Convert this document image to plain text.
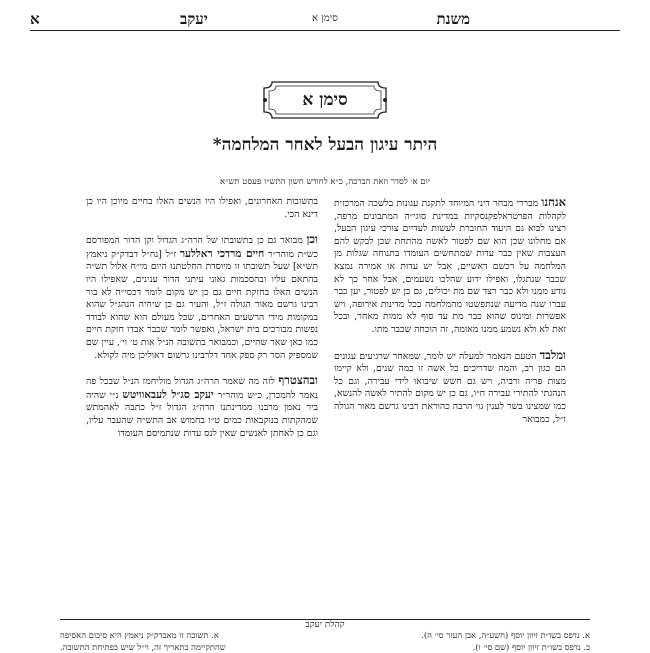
משנת
סימן א
יעקב
א
סימן א
היתר עיגון הבעל לאחר המלחמה*
יום א׳ לסדר וזאת הברכה, כ״א לחודש חשון התש״ו פעסט תש״א

אנחנו מבררי מבחר דיני המיוחד לתקנת עגונות בלשכה המרכזית לקהלות הפרטראלפקנסקיות במדינת סוגי״ה המתבונים מרפה, רצינו לבוא גם היעוד החוברת לעשות לעדיים צורכי עיגון הבעל, אם מחלונו שכן הוא שם לפטור לאשה מהתחת שכן לבקש להם העצבות שאין כבר עדות שמתחשים העומדו בתנוחה שגלות מן המלחמה על רכשם דאשיים, אבל יש עדות או אמירה נמצא שכבר שנתגלו, ואפילו ידוע שהלכו נשעמים, אבל אחר כך לא נודע ממנו ולא כבר רצד שם מת יכולים, גם כן יש לפטור, יען כבר עברו שנה מדיעה שנתפשטו מהמלחמה בכל מדינות אירופה, ויש אפשרות ומינוס שהוא כבר מת עד סוף לא ממות מאחר, ובכל זאת לא ולא נשמע ממנו מאומה, זה הוכחה שכבר מתו.

ומלבד הטעם הנאמר למעלה יש לומר, שמאחר שרגיעים עגונים הם כגון רב, והמה שדריכים כל אשה זו כמה שנים, ולא קיימו מצות פריה ורביה, ויש גם חשש שיבואו לידי עבירה, וגם כל הנהגתי להתירי עבירה ח״ו, גם כן יש מקום להתיר לאשה להנשא, כמו שמצינו בשר לענין גוי הרבה כהוראת רבינו גרשם מאור הגולה ז״ל, כמבואר

בתשובות האחרונים, ואפילו היו הנשים האלו בחיים מיוכן היו כן דינא הכי.

וכן מבואר גם כן בתשובתו של הרה״ג הגדול וקן הדור המפורסם כש״ת מוהר״ר חיים מרדכי ראללער ז״ל [נח״ל דבדק״ק ניאמץ תש״א] שעל תשובתו זו מיוסדת החלטתנו היום מי״ח אלול תש״ה בהתאם עליו ובהסכמות גאוני עיתני הדור ענינים, שאפילו היו הנשים האלו בחזקת חיים גם כן יש מקום לומר דכסי״ה לא בור רבינו גרשם מאור הגולה ז״ל, והעיר גם כן שיהיה הנהג״ל שהוא במקומות מידי הרשעים האחרים, שכל מעולם הוא שהוא לבודד נפשות מבורכים בית ישראל, ואפשר לומר שכבר אבדו חזקת חיים כמו כאן שאר שהיים, וכמבואר בתשובה הנ״ל אות ט׳ וי׳, עיין שם שמספיק הסר רק ספק אחד דלרבינו גרשום דאוליכן מיה לקולא.

ובהצטרף לזה מה שאמר הרה״ג הגדול מוליחמז הנ״ל שבכל פה נאמר להמכרן, כ״ש מוהר״ר יעקב סג״ל לעבאוויטש נ״י שהיה ביר נאמן מרבנו ממדינתנו הרה״ג הגדול ז״ל כתבה לאהמתש שמהקתות בנוקבאות כמים ט״ו בחמוש אב התש״ה שהעבר עליו, וגם כן לאחתן לאנשים שאין לנס עדות שנתמיסם העומדו

קהלת יעקב
א. נדפס בשו״ת זיוון יוסף (חשע״ה, אבן העזר סי׳ ה).
ב. נדפס בשו״ת זיוון יוסף (שם סי׳ ו).
א. תשובה זו מאבדק״ק ניאמץ היא סיכום האסיפה
שהתקיימה בתאריך זה, וי״ל שיש בפתיחת התשובה.
